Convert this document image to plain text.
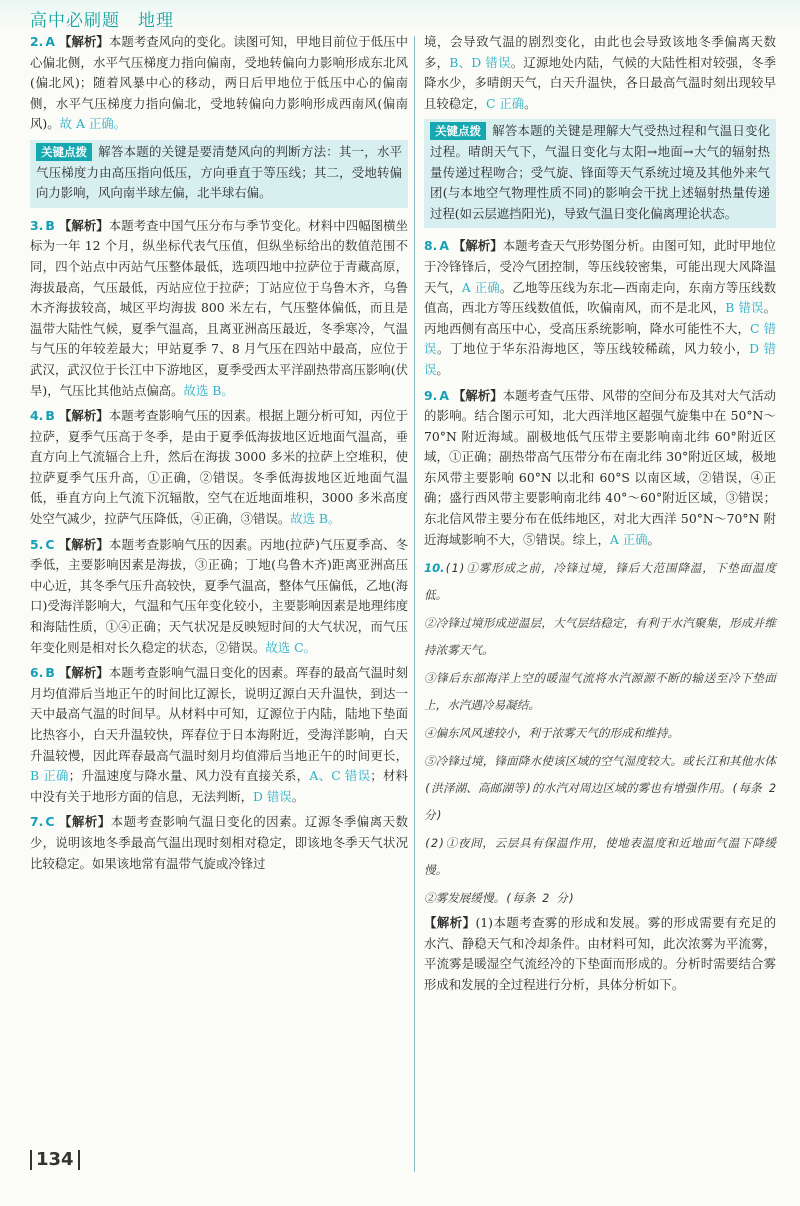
高中必刷题　地理
2. A 【解析】本题考查风向的变化。读图可知，甲地目前位于低压中心偏北侧，水平气压梯度力指向偏南，受地转偏向力影响形成东北风(偏北风)；随着风暴中心的移动，两日后甲地位于低压中心的偏南侧，水平气压梯度力指向偏北，受地转偏向力影响形成西南风(偏南风)。故 A 正确。
关键点拨 解答本题的关键是要清楚风向的判断方法：其一，水平气压梯度力由高压指向低压，方向垂直于等压线；其二，受地转偏向力影响，风向南半球左偏，北半球右偏。
3. B 【解析】本题考查中国气压分布与季节变化。材料中四幅图横坐标为一年 12 个月，纵坐标代表气压值，但纵坐标给出的数值范围不同，四个站点中丙站气压整体最低，选项四地中拉萨位于青藏高原，海拔最高，气压最低，丙站应位于拉萨；丁站应位于乌鲁木齐，乌鲁木齐海拔较高，城区平均海拔 800 米左右，气压整体偏低，而且是温带大陆性气候，夏季气温高，且离亚洲高压最近，冬季寒冷，气温与气压的年较差最大；甲站夏季 7、8 月气压在四站中最高，应位于武汉，武汉位于长江中下游地区，夏季受西太平洋副热带高压影响(伏旱)，气压比其他站点偏高。故选 B。
4. B 【解析】本题考查影响气压的因素。根据上题分析可知，丙位于拉萨，夏季气压高于冬季，是由于夏季低海拔地区近地面气温高，垂直方向上气流辐合上升，然后在海拔 3000 多米的拉萨上空堆积，使拉萨夏季气压升高，①正确，②错误。冬季低海拔地区近地面气温低，垂直方向上气流下沉辐散，空气在近地面堆积，3000 多米高度处空气减少，拉萨气压降低，④正确，③错误。故选 B。
5. C 【解析】本题考查影响气压的因素。丙地(拉萨)气压夏季高、冬季低，主要影响因素是海拔，③正确；丁地(乌鲁木齐)距离亚洲高压中心近，其冬季气压升高较快，夏季气温高，整体气压偏低，乙地(海口)受海洋影响大，气温和气压年变化较小，主要影响因素是地理纬度和海陆性质，①④正确；天气状况是反映短时间的大气状况，而气压年变化则是相对长久稳定的状态，②错误。故选 C。
6. B 【解析】本题考查影响气温日变化的因素。珲春的最高气温时刻月均值滞后当地正午的时间比辽源长，说明辽源白天升温快，到达一天中最高气温的时间早。从材料中可知，辽源位于内陆，陆地下垫面比热容小，白天升温较快，珲春位于日本海附近，受海洋影响，白天升温较慢，因此珲春最高气温时刻月均值滞后当地正午的时间更长，B 正确；升温速度与降水量、风力没有直接关系，A、C 错误；材料中没有关于地形方面的信息，无法判断，D 错误。
7. C 【解析】本题考查影响气温日变化的因素。辽源冬季偏离天数少，说明该地冬季最高气温出现时刻相对稳定，即该地冬季天气状况比较稳定。如果该地常有温带气旋或冷锋过
境，会导致气温的剧烈变化，由此也会导致该地冬季偏离天数多，B、D 错误。辽源地处内陆，气候的大陆性相对较强，冬季降水少，多晴朗天气，白天升温快，各日最高气温时刻出现较早且较稳定，C 正确。
关键点拨 解答本题的关键是理解大气受热过程和气温日变化过程。晴朗天气下，气温日变化与太阳→地面→大气的辐射热量传递过程吻合；受气旋、锋面等天气系统过境及其他外来气团(与本地空气物理性质不同)的影响会干扰上述辐射热量传递过程(如云层遮挡阳光)，导致气温日变化偏离理论状态。
8. A 【解析】本题考查天气形势图分析。由图可知，此时甲地位于冷锋锋后，受冷气团控制，等压线较密集，可能出现大风降温天气，A 正确。乙地等压线为东北—西南走向，东南方等压线数值高，西北方等压线数值低，吹偏南风，而不是北风，B 错误。丙地西侧有高压中心，受高压系统影响，降水可能性不大，C 错误。丁地位于华东沿海地区，等压线较稀疏，风力较小，D 错误。
9. A 【解析】本题考查气压带、风带的空间分布及其对大气活动的影响。结合图示可知，北大西洋地区超强气旋集中在 50°N～70°N 附近海域。副极地低气压带主要影响南北纬 60°附近区域，①正确；副热带高气压带分布在南北纬 30°附近区域，极地东风带主要影响 60°N 以北和 60°S 以南区域，②错误，④正确；盛行西风带主要影响南北纬 40°～60°附近区域，③错误；东北信风带主要分布在低纬地区，对北大西洋 50°N～70°N 附近海域影响不大，⑤错误。综上，A 正确。

10.(1)①雾形成之前，冷锋过境，锋后大范围降温，下垫面温度低。

②冷锋过境形成逆温层，大气层结稳定，有利于水汽聚集，形成并维持浓雾天气。

③锋后东部海洋上空的暖湿气流将水汽源源不断的输送至冷下垫面上，水汽遇冷易凝结。

④偏东风风速较小，利于浓雾天气的形成和维持。

⑤冷锋过境，锋面降水使该区域的空气湿度较大。或长江和其他水体(洪泽湖、高邮湖等)的水汽对周边区域的雾也有增强作用。(每条 2 分)

(2)①夜间，云层具有保温作用，使地表温度和近地面气温下降缓慢。

②雾发展缓慢。(每条 2 分)

【解析】(1)本题考查雾的形成和发展。雾的形成需要有充足的水汽、静稳天气和冷却条件。由材料可知，此次浓雾为平流雾，平流雾是暖湿空气流经冷的下垫面而形成的。分析时需要结合雾形成和发展的全过程进行分析，具体分析如下。
134
